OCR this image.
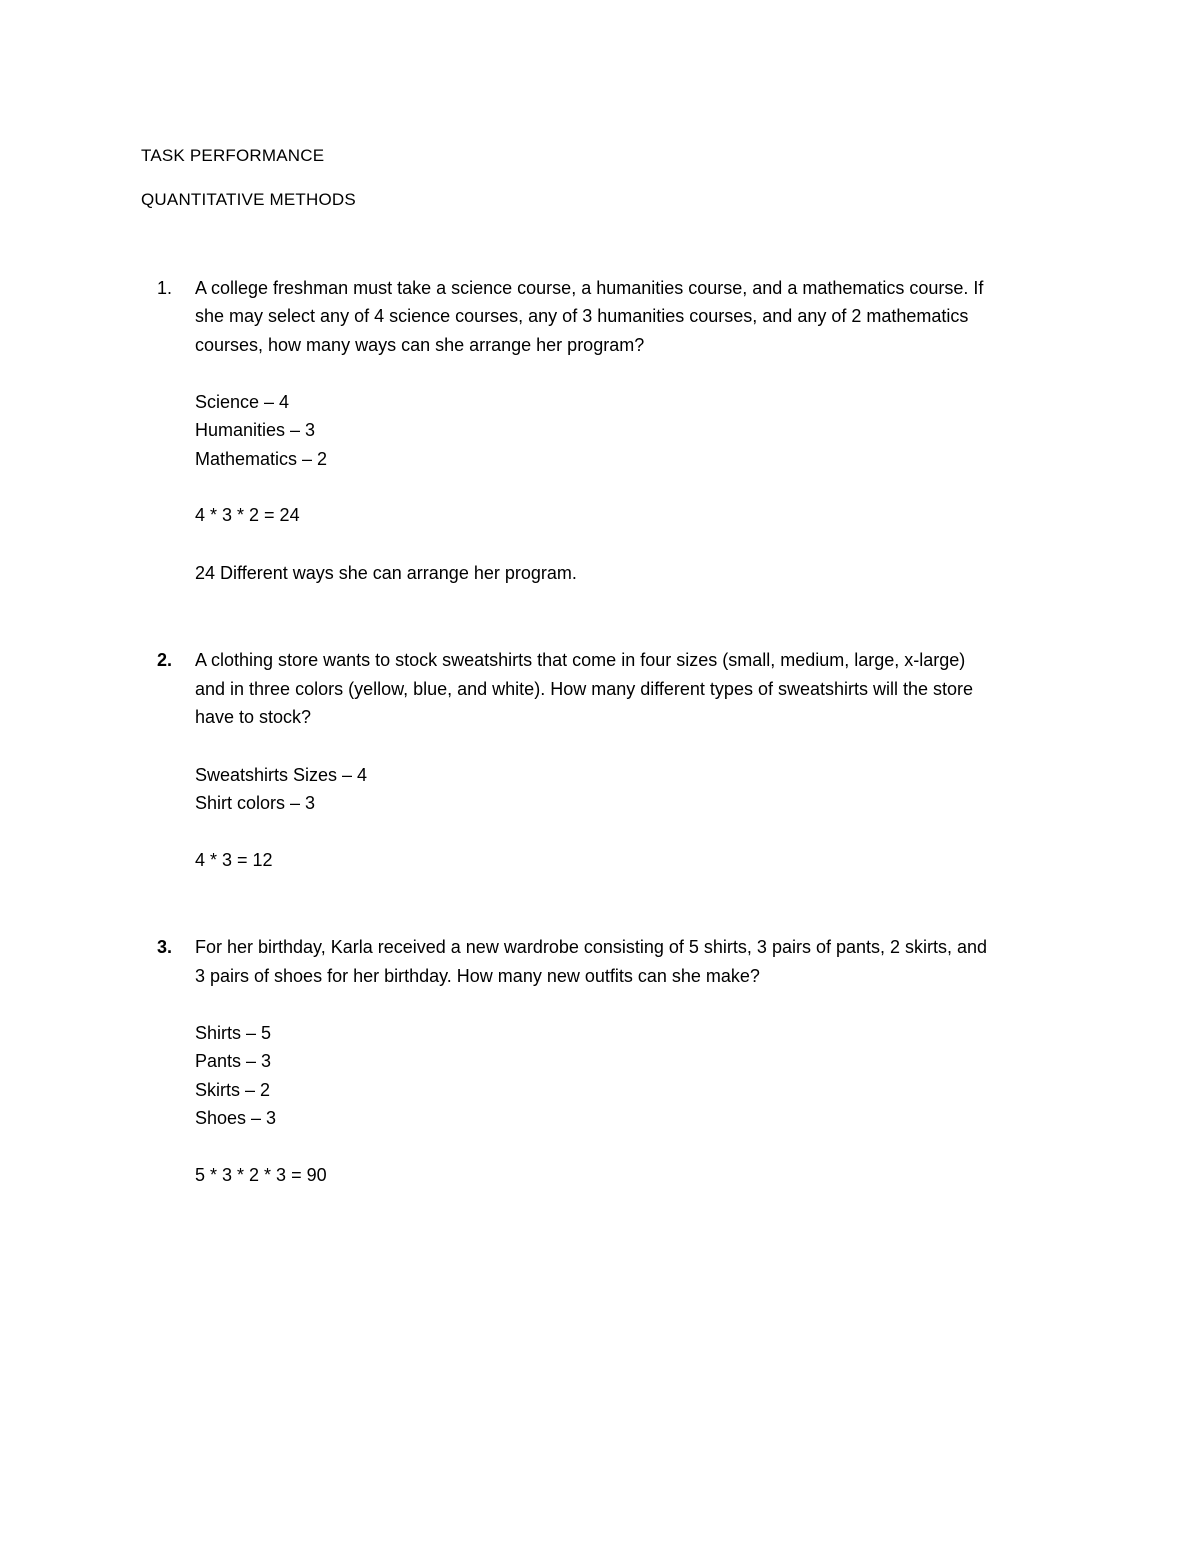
TASK PERFORMANCE
QUANTITATIVE METHODS
1. A college freshman must take a science course, a humanities course, and a mathematics course. If
she may select any of 4 science courses, any of 3 humanities courses, and any of 2 mathematics
courses, how many ways can she arrange her program?
Science – 4
Humanities – 3
Mathematics – 2
4 * 3 * 2 = 24
24 Different ways she can arrange her program.
2. A clothing store wants to stock sweatshirts that come in four sizes (small, medium, large, x-large)
and in three colors (yellow, blue, and white). How many different types of sweatshirts will the store
have to stock?
Sweatshirts Sizes – 4
Shirt colors – 3
4 * 3 = 12
3. For her birthday, Karla received a new wardrobe consisting of 5 shirts, 3 pairs of pants, 2 skirts, and
3 pairs of shoes for her birthday. How many new outfits can she make?
Shirts – 5
Pants – 3
Skirts – 2
Shoes – 3
5 * 3 * 2 * 3 = 90
